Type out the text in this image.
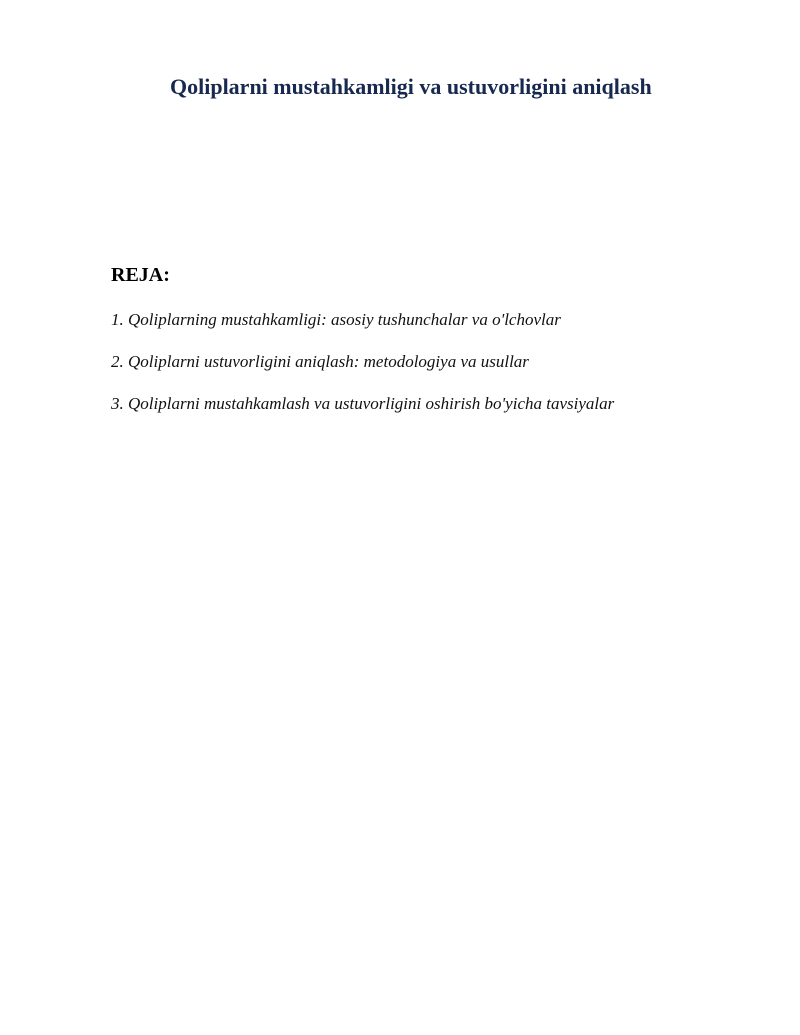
Qoliplarni mustahkamligi va ustuvorligini aniqlash
REJA:
1. Qoliplarning mustahkamligi: asosiy tushunchalar va o'lchovlar
2. Qoliplarni ustuvorligini aniqlash: metodologiya va usullar
3. Qoliplarni mustahkamlash va ustuvorligini oshirish bo'yicha tavsiyalar
